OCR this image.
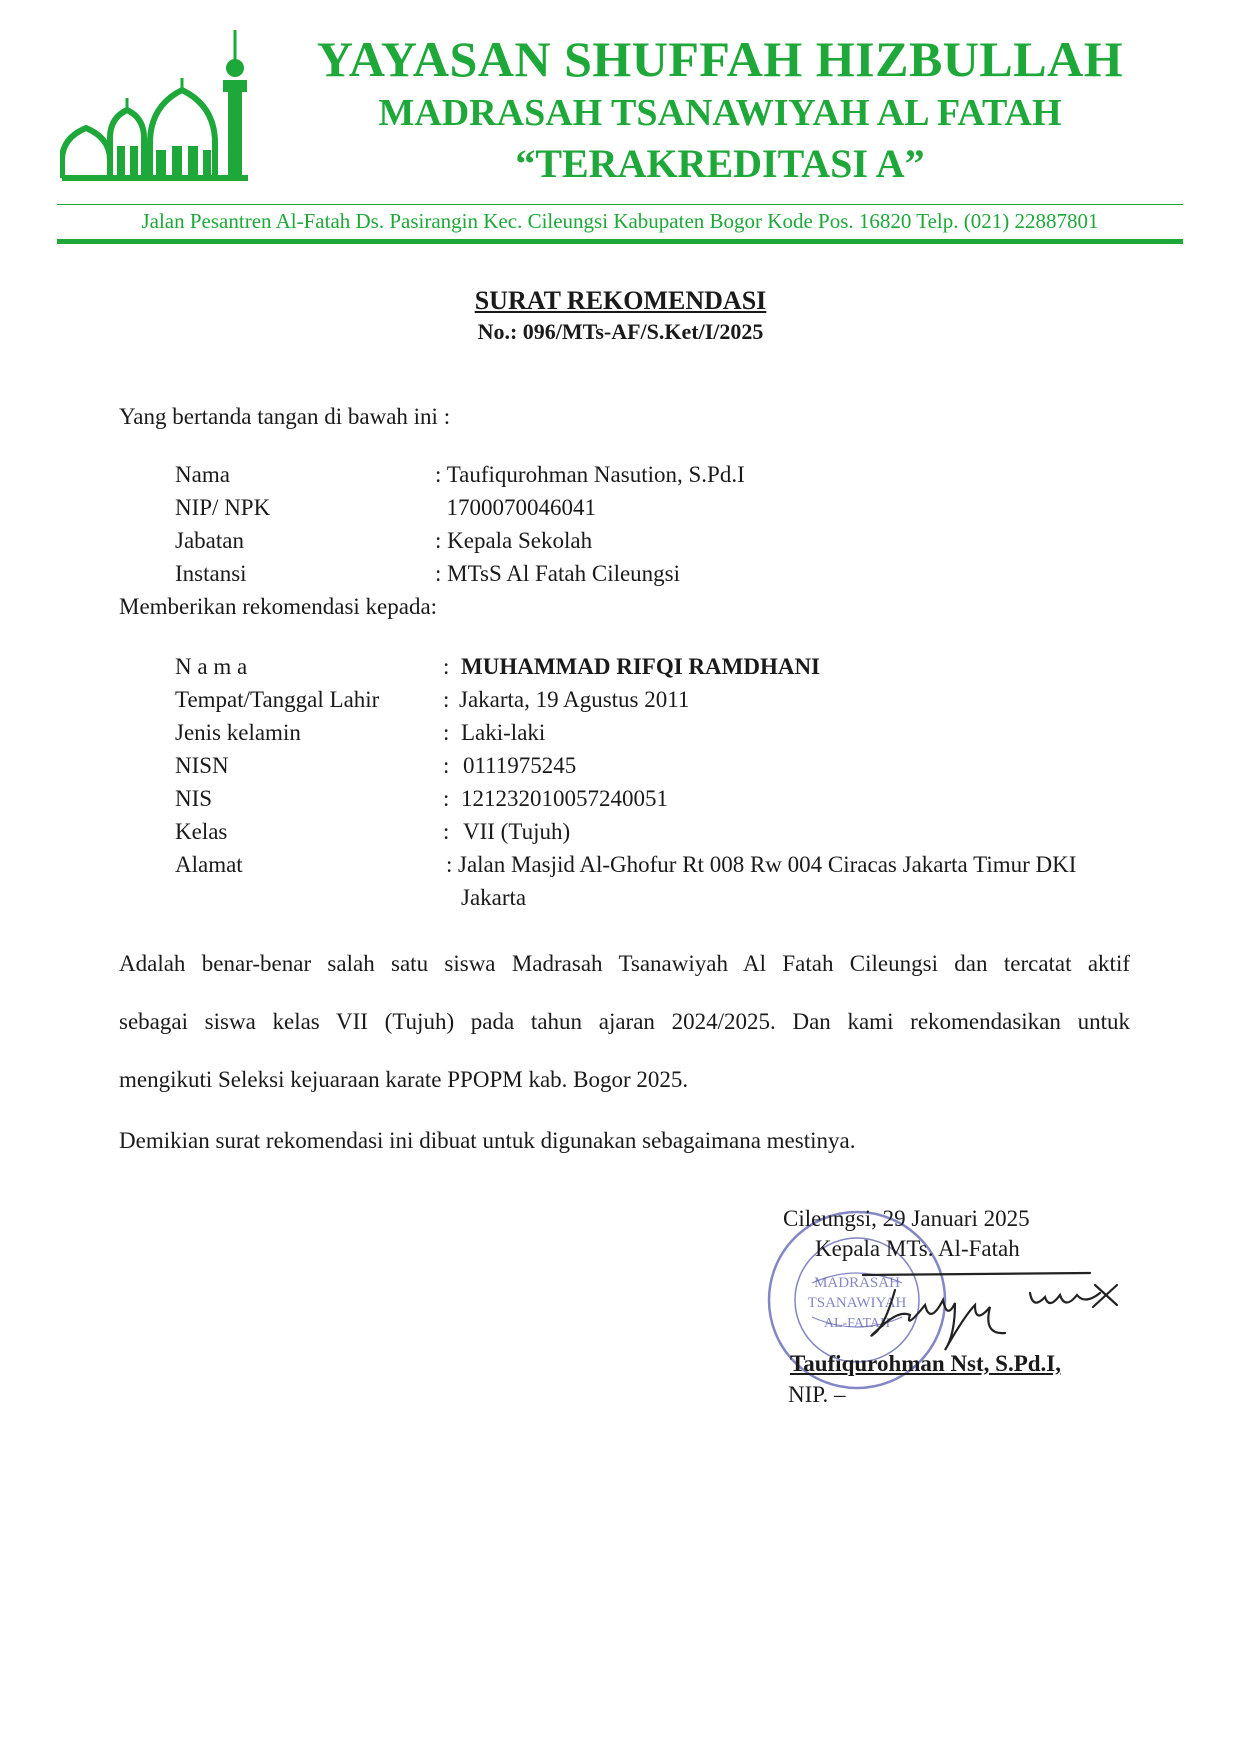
YAYASAN SHUFFAH HIZBULLAH
MADRASAH TSANAWIYAH AL FATAH
“TERAKREDITASI A”
Jalan Pesantren Al-Fatah Ds. Pasirangin Kec. Cileungsi Kabupaten Bogor Kode Pos. 16820 Telp. (021) 22887801
SURAT REKOMENDASI
No.: 096/MTs-AF/S.Ket/I/2025
Yang bertanda tangan di bawah ini :
Nama	: Taufiqurohman Nasution, S.Pd.I
NIP/ NPK	1700070046041
Jabatan	: Kepala Sekolah
Instansi	: MTsS Al Fatah Cileungsi
Memberikan rekomendasi kepada:
N a m a	: MUHAMMAD RIFQI RAMDHANI
Tempat/Tanggal Lahir	: Jakarta, 19 Agustus 2011
Jenis kelamin	: Laki-laki
NISN	: 0111975245
NIS	: 121232010057240051
Kelas	: VII (Tujuh)
Alamat	: Jalan Masjid Al-Ghofur Rt 008 Rw 004 Ciracas Jakarta Timur DKI
Jakarta
Adalah benar-benar salah satu siswa Madrasah Tsanawiyah Al Fatah Cileungsi dan tercatat aktif
sebagai siswa kelas VII (Tujuh) pada tahun ajaran 2024/2025. Dan kami rekomendasikan untuk
mengikuti Seleksi kejuaraan karate PPOPM kab. Bogor 2025.
Demikian surat rekomendasi ini dibuat untuk digunakan sebagaimana mestinya.
MADRASAH
TSANAWIYAH
AL-FATAH
Cileungsi, 29 Januari 2025
Kepala MTs. Al-Fatah
Taufiqurohman Nst, S.Pd.I,
NIP. –
